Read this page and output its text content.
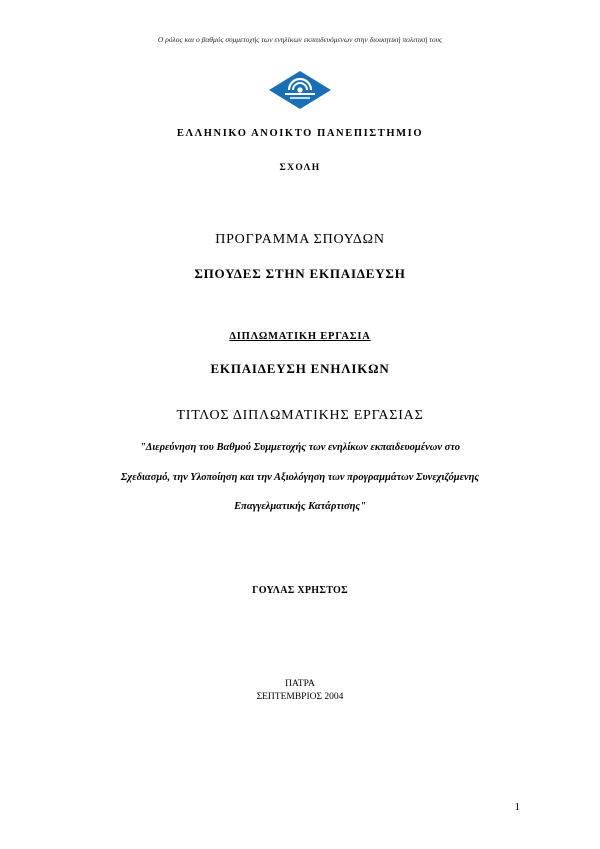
Ο ρόλος και ο βαθμός συμμετοχής των ενηλίκων εκπαιδευόμενων στην διοικητική πολιτική τους
ΕΛΛΗΝΙΚΟ ΑΝΟΙΚΤΟ ΠΑΝΕΠΙΣΤΗΜΙΟ
ΣΧΟΛΗ
ΠΡΟΓΡΑΜΜΑ ΣΠΟΥΔΩΝ
ΣΠΟΥΔΕΣ ΣΤΗΝ ΕΚΠΑΙΔΕΥΣΗ
ΔΙΠΛΩΜΑΤΙΚΗ ΕΡΓΑΣΙΑ
ΕΚΠΑΙΔΕΥΣΗ ΕΝΗΛΙΚΩΝ
ΤΙΤΛΟΣ ΔΙΠΛΩΜΑΤΙΚΗΣ ΕΡΓΑΣΙΑΣ
"Διερεύνηση του Βαθμού Συμμετοχής των ενηλίκων εκπαιδευομένων στο
Σχεδιασμό, την Υλοποίηση και την Αξιολόγηση των προγραμμάτων Συνεχιζόμενης
Επαγγελματικής Κατάρτισης"
ΓΟΥΛΑΣ ΧΡΗΣΤΟΣ
ΠΑΤΡΑ
ΣΕΠΤΕΜΒΡΙΟΣ 2004
1
